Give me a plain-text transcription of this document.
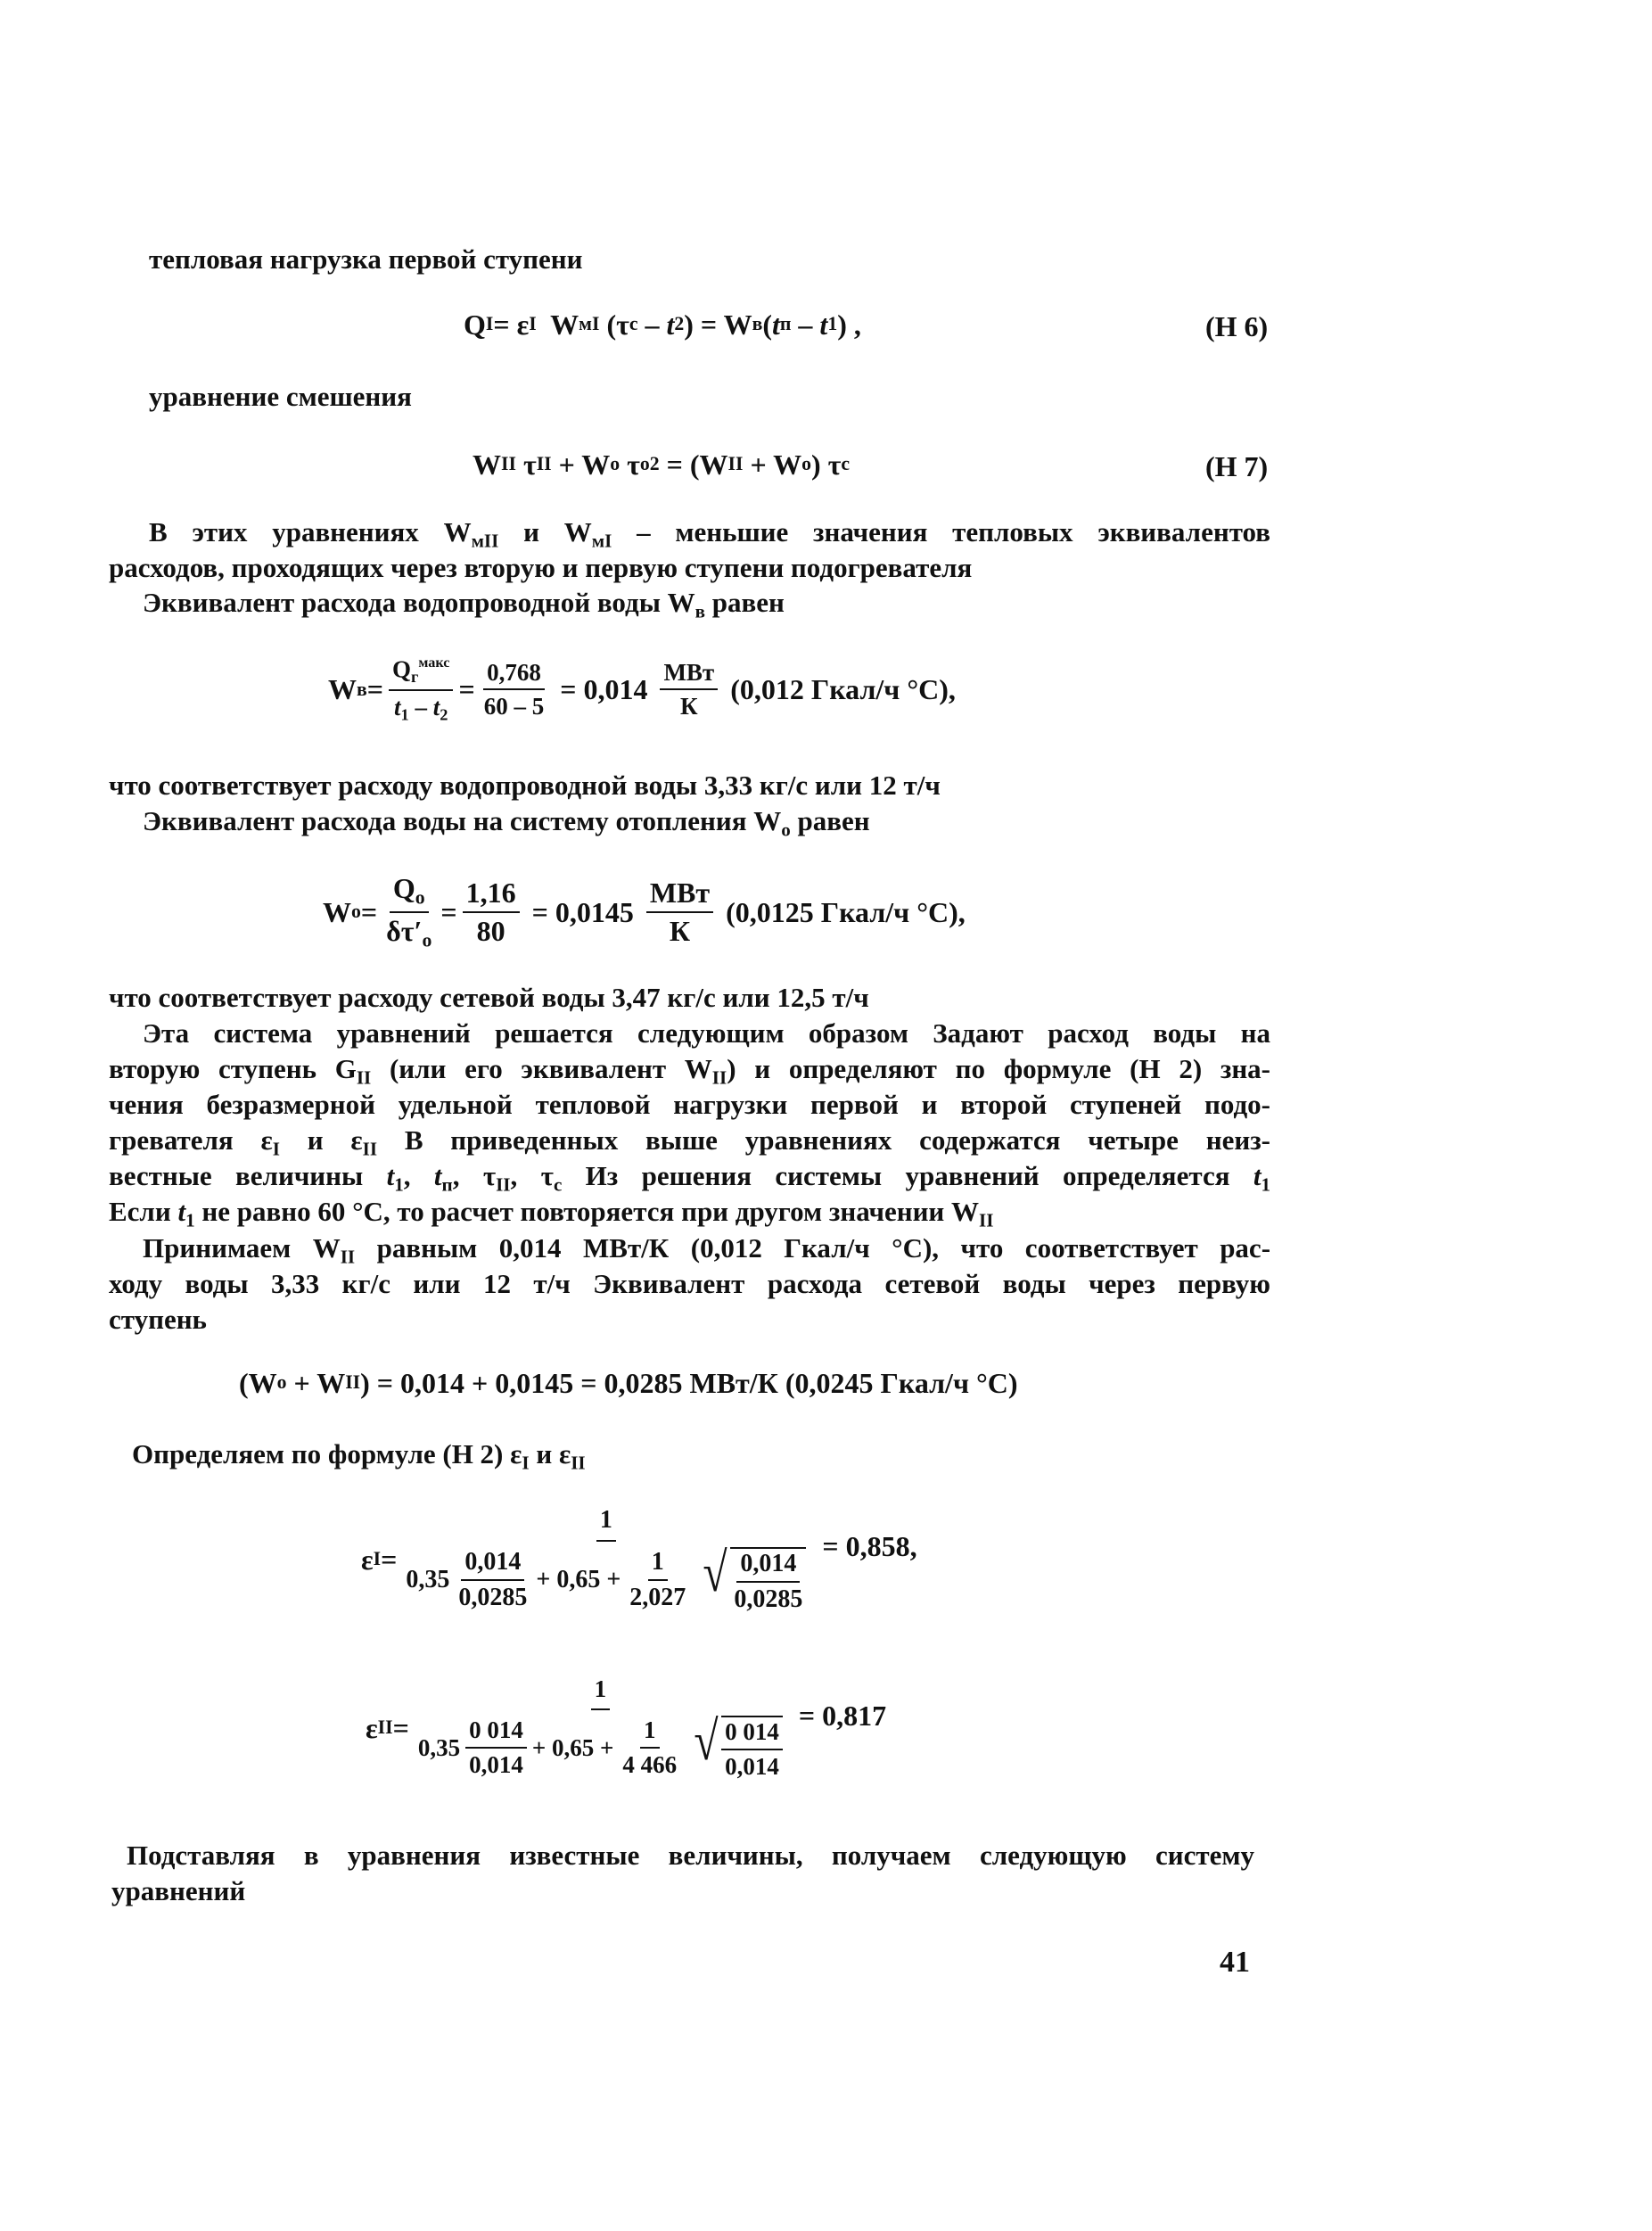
тепловая нагрузка первой ступени

Q I = ε I W мI (τ с – t 2 ) = W в ( t п – t 1 ) ,	(Н 6)

уравнение смешения

W II τ II + W о τ о2 = (W II + W о ) τ с	(Н 7)

В этих уравнениях $W_{мII}$ и $W_{мI}$ – меньшие значения тепловых эквивалентов

расходов, проходящих через вторую и первую ступени подогревателя

Эквивалент расхода водопроводной воды $W_в$ равен

W $в = \frac{Q_г^{макс}}{t_1 - t_2} = \frac{0,768}{60 - 5} = 0,014 \frac{\text{МВт}}{К} (0,012$ Гкал/ч °С),

что соответствует расходу водопроводной воды 3,33 кг/с или 12 т/ч

Эквивалент расхода воды на систему отопления $W_о$ равен

W $о = \frac{Q_о}{\delta\tau'_о} = \frac{1,16}{80} = 0,0145 \frac{\text{МВт}}{К} (0,0125$ Гкал/ч °С),

что соответствует расходу сетевой воды 3,47 кг/с или 12,5 т/ч

Эта система уравнений решается следующим образом Задают расход воды на

вторую ступень $G_{II}$ (или его эквивалент $W_{II}$) и определяют по формуле (Н 2) зна-

чения безразмерной удельной тепловой нагрузки первой и второй ступеней подо-

гревателя $\varepsilon_I$ и $\varepsilon_{II}$ В приведенных выше уравнениях содержатся четыре неиз-

вестные величины $t_1$, $t_п$, $\tau_{II}$, $\tau_с$ Из решения системы уравнений определяется $t_1$

Если $t_1$ не равно 60 °С, то расчет повторяется при другом значении $W_{II}$

Принимаем $W_{II}$ равным 0,014 МВт/К (0,012 Гкал/ч °С), что соответствует рас-

ходу воды 3,33 кг/с или 12 т/ч Эквивалент расхода сетевой воды через первую

ступень

(W о + W II ) = 0,014 + 0,0145 = 0,0285 МВт/К (0,0245 Гкал/ч °С)

Определяем по формуле (Н 2) $\varepsilon_I$ и $\varepsilon_{II}$

ε I =
1
$0,35 \frac{0,014}{0,0285} + 0,65 + \frac{1}{2,027}$ √ $\frac{0,014}{0,0285}$
= 0,858,
ε II =
1
$0,35 \frac{0 014}{0,014} + 0,65 + \frac{1}{4 466}$ √ $\frac{0 014}{0,014}$
= 0,817

Подставляя в уравнения известные величины, получаем следующую систему

уравнений

41
